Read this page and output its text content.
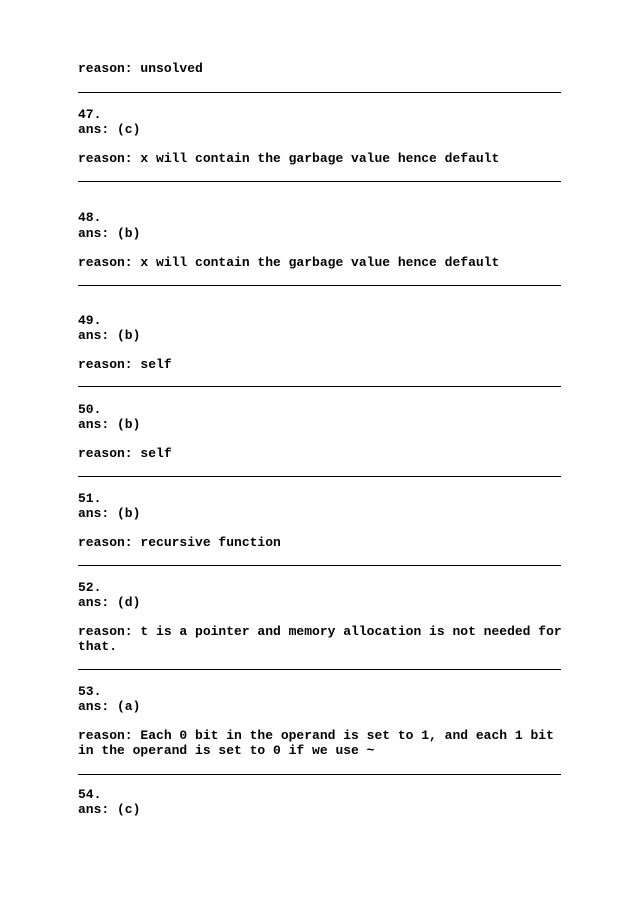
reason: unsolved
47.
ans: (c)
reason: x will contain the garbage value hence default
48.
ans: (b)
reason: x will contain the garbage value hence default
49.
ans: (b)
reason: self
50.
ans: (b)
reason: self
51.
ans: (b)
reason: recursive function
52.
ans: (d)
reason: t is a pointer and memory allocation is not needed for
that.
53.
ans: (a)
reason: Each 0 bit in the operand is set to 1, and each 1 bit
in the operand is set to 0 if we use ~
54.
ans: (c)
